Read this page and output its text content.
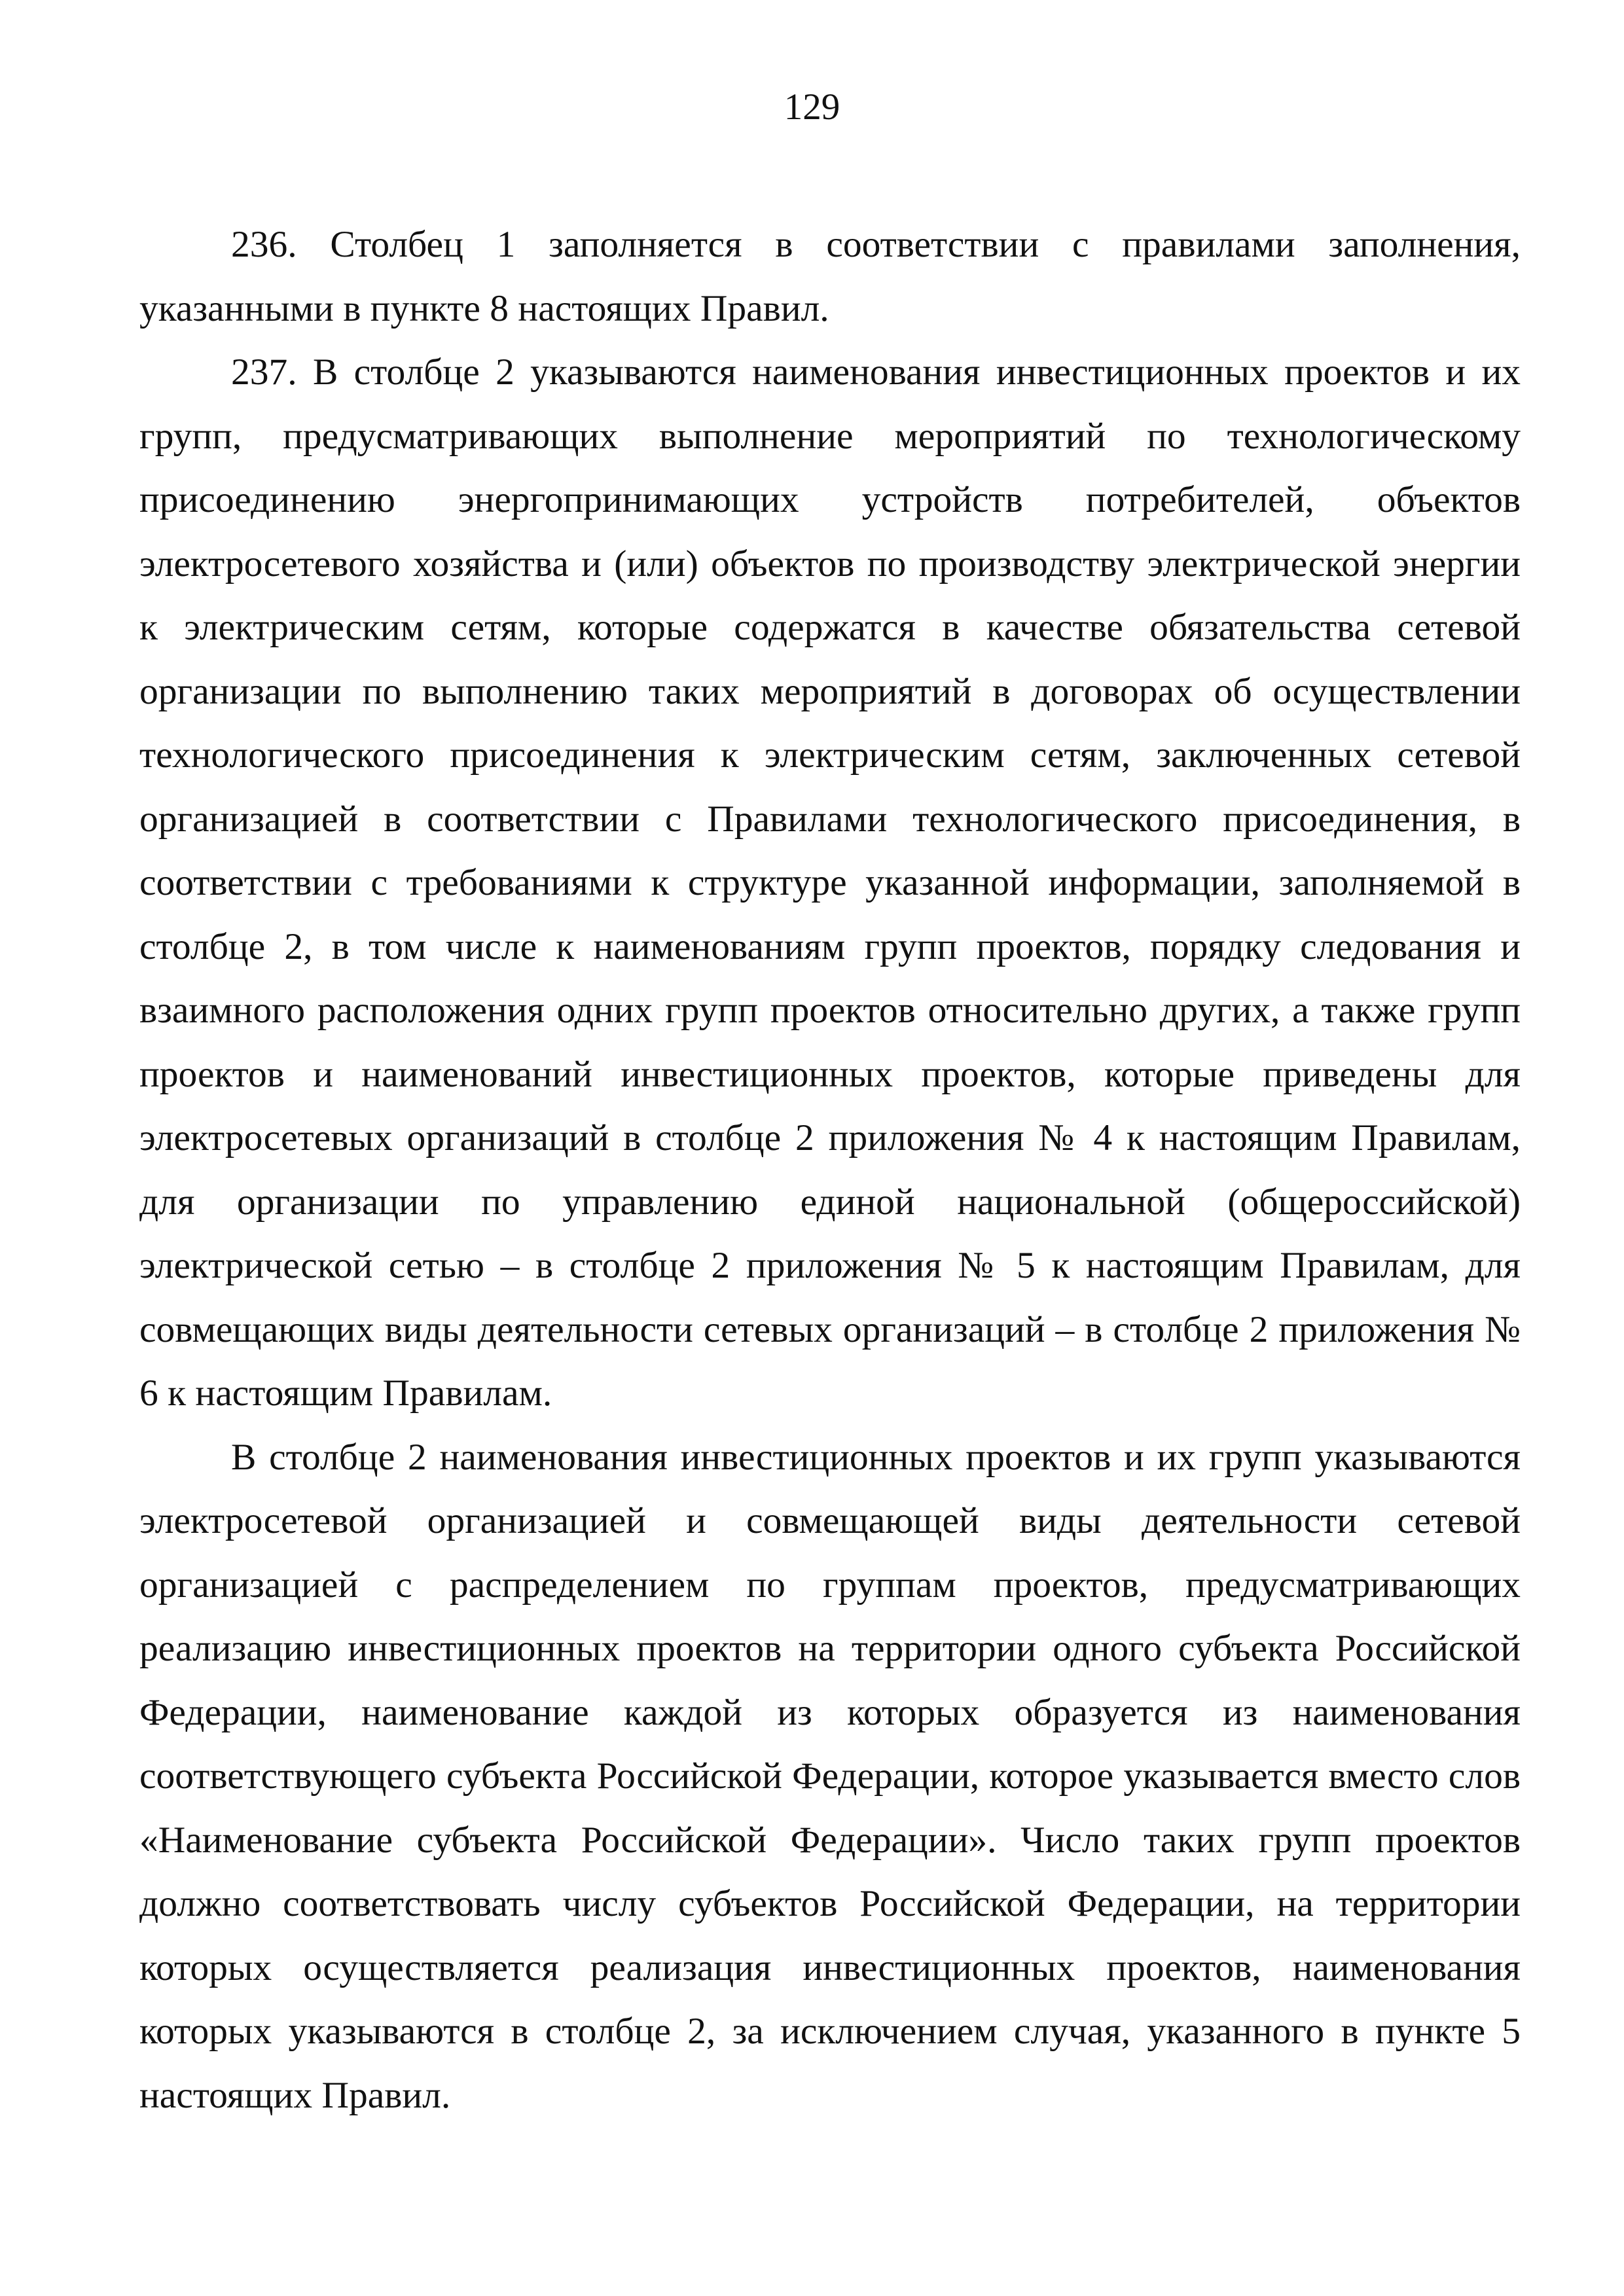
129

236. Столбец 1 заполняется в соответствии с правилами заполнения, указанными в пункте 8 настоящих Правил.

237. В столбце 2 указываются наименования инвестиционных проектов и их групп, предусматривающих выполнение мероприятий по технологическому присоединению энергопринимающих устройств потребителей, объектов электросетевого хозяйства и (или) объектов по производству электрической энергии к электрическим сетям, которые содержатся в качестве обязательства сетевой организации по выполнению таких мероприятий в договорах об осуществлении технологического присоединения к электрическим сетям, заключенных сетевой организацией в соответствии с Правилами технологического присоединения, в соответствии с требованиями к структуре указанной информации, заполняемой в столбце 2, в том числе к наименованиям групп проектов, порядку следования и взаимного расположения одних групп проектов относительно других, а также групп проектов и наименований инвестиционных проектов, которые приведены для электросетевых организаций в столбце 2 приложения № 4 к настоящим Правилам, для организации по управлению единой национальной (общероссийской) электрической сетью – в столбце 2 приложения № 5 к настоящим Правилам, для совмещающих виды деятельности сетевых организаций – в столбце 2 приложения № 6 к настоящим Правилам.

В столбце 2 наименования инвестиционных проектов и их групп указываются электросетевой организацией и совмещающей виды деятельности сетевой организацией с распределением по группам проектов, предусматривающих реализацию инвестиционных проектов на территории одного субъекта Российской Федерации, наименование каждой из которых образуется из наименования соответствующего субъекта Российской Федерации, которое указывается вместо слов «Наименование субъекта Российской Федерации». Число таких групп проектов должно соответствовать числу субъектов Российской Федерации, на территории которых осуществляется реализация инвестиционных проектов, наименования которых указываются в столбце 2, за исключением случая, указанного в пункте 5 настоящих Правил.
